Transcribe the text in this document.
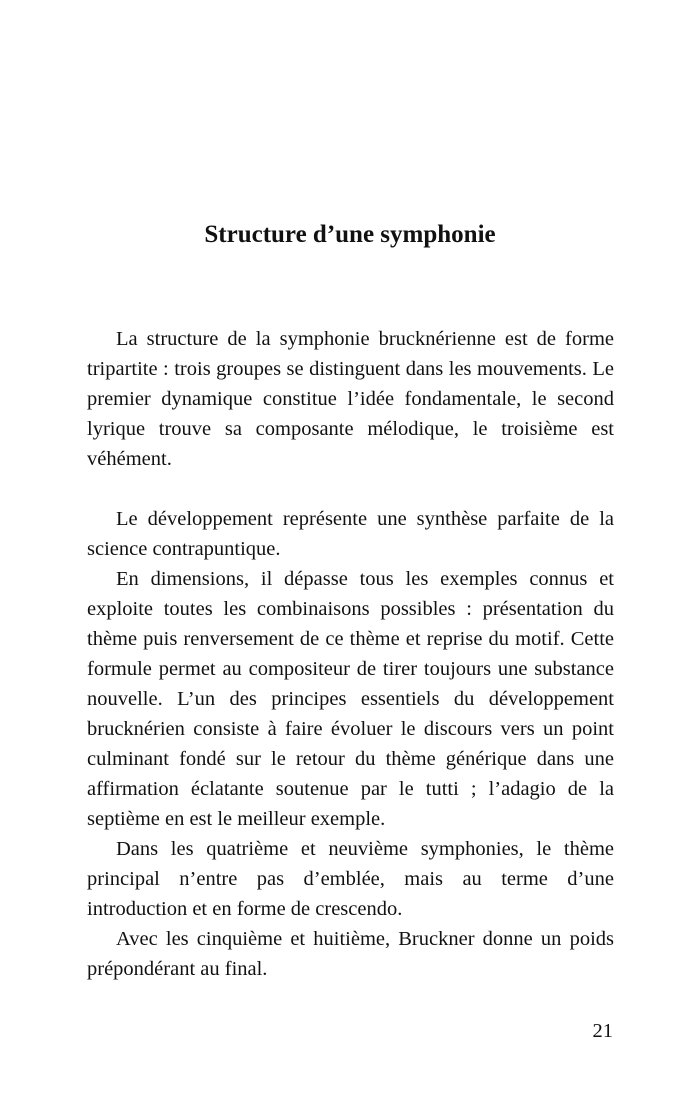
Structure d’une symphonie

La structure de la symphonie brucknérienne est de forme tripartite : trois groupes se distinguent dans les mouvements. Le premier dynamique constitue l’idée fondamentale, le second lyrique trouve sa composante mélodique, le troisième est véhément.

Le développement représente une synthèse parfaite de la science contrapuntique.

En dimensions, il dépasse tous les exemples connus et exploite toutes les combinaisons possibles : présentation du thème puis renversement de ce thème et reprise du motif. Cette formule permet au compositeur de tirer toujours une substance nouvelle. L’un des principes essentiels du développement brucknérien consiste à faire évoluer le discours vers un point culminant fondé sur le retour du thème générique dans une affirmation éclatante soutenue par le tutti ; l’adagio de la septième en est le meilleur exemple.

Dans les quatrième et neuvième symphonies, le thème principal n’entre pas d’emblée, mais au terme d’une introduction et en forme de crescendo.

Avec les cinquième et huitième, Bruckner donne un poids prépondérant au final.

21
